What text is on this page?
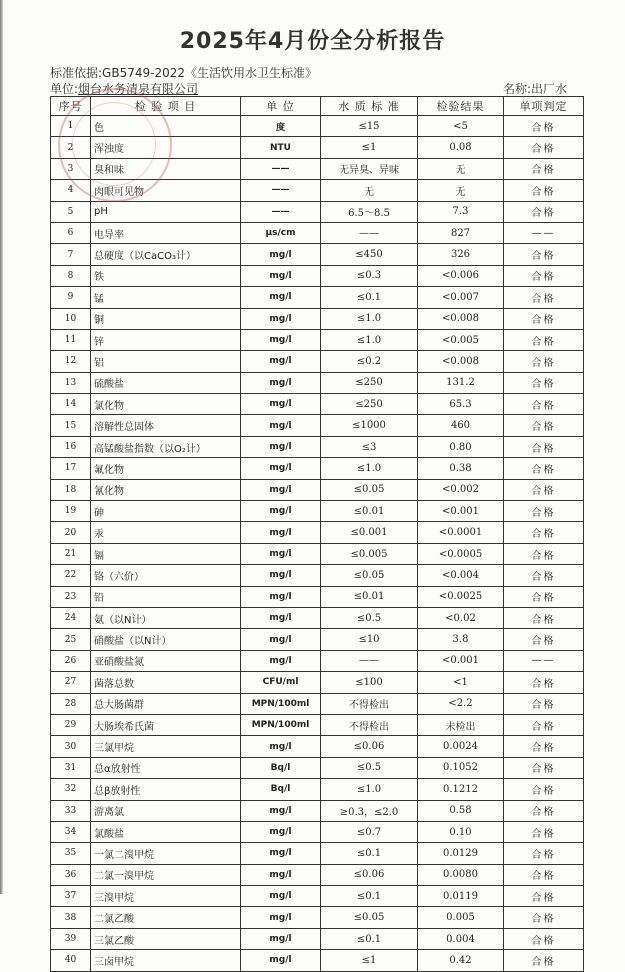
2025年4月份全分析报告
标准依据:GB5749-2022《生活饮用水卫生标准》
单位:烟台水务清泉有限公司	名称:出厂水
序号	检 验 项 目	单 位	水 质 标 准	检验结果	单项判定
1	色	度	≤15	<5	合格
2	浑浊度	NTU	≤1	0.08	合格
3	臭和味	——	无异臭、异味	无	合格
4	肉眼可见物	——	无	无	合格
5	pH	——	6.5～8.5	7.3	合格
6	电导率	μs/cm	——	827	——
7	总硬度（以CaCO₃计）	mg/l	≤450	326	合格
8	铁	mg/l	≤0.3	<0.006	合格
9	锰	mg/l	≤0.1	<0.007	合格
10	铜	mg/l	≤1.0	<0.008	合格
11	锌	mg/l	≤1.0	<0.005	合格
12	铝	mg/l	≤0.2	<0.008	合格
13	硫酸盐	mg/l	≤250	131.2	合格
14	氯化物	mg/l	≤250	65.3	合格
15	溶解性总固体	mg/l	≤1000	460	合格
16	高锰酸盐指数（以O₂计）	mg/l	≤3	0.80	合格
17	氟化物	mg/l	≤1.0	0.38	合格
18	氰化物	mg/l	≤0.05	<0.002	合格
19	砷	mg/l	≤0.01	<0.001	合格
20	汞	mg/l	≤0.001	<0.0001	合格
21	镉	mg/l	≤0.005	<0.0005	合格
22	铬（六价）	mg/l	≤0.05	<0.004	合格
23	铅	mg/l	≤0.01	<0.0025	合格
24	氨（以N计）	mg/l	≤0.5	<0.02	合格
25	硝酸盐（以N计）	mg/l	≤10	3.8	合格
26	亚硝酸盐氮	mg/l	——	<0.001	——
27	菌落总数	CFU/ml	≤100	<1	合格
28	总大肠菌群	MPN/100ml	不得检出	<2.2	合格
29	大肠埃希氏菌	MPN/100ml	不得检出	未检出	合格
30	三氯甲烷	mg/l	≤0.06	0.0024	合格
31	总α放射性	Bq/l	≤0.5	0.1052	合格
32	总β放射性	Bq/l	≤1.0	0.1212	合格
33	游离氯	mg/l	≥0.3，≤2.0	0.58	合格
34	氯酸盐	mg/l	≤0.7	0.10	合格
35	一氯二溴甲烷	mg/l	≤0.1	0.0129	合格
36	二氯一溴甲烷	mg/l	≤0.06	0.0080	合格
37	三溴甲烷	mg/l	≤0.1	0.0119	合格
38	二氯乙酸	mg/l	≤0.05	0.005	合格
39	三氯乙酸	mg/l	≤0.1	0.004	合格
40	三卤甲烷	mg/l	≤1	0.42	合格
